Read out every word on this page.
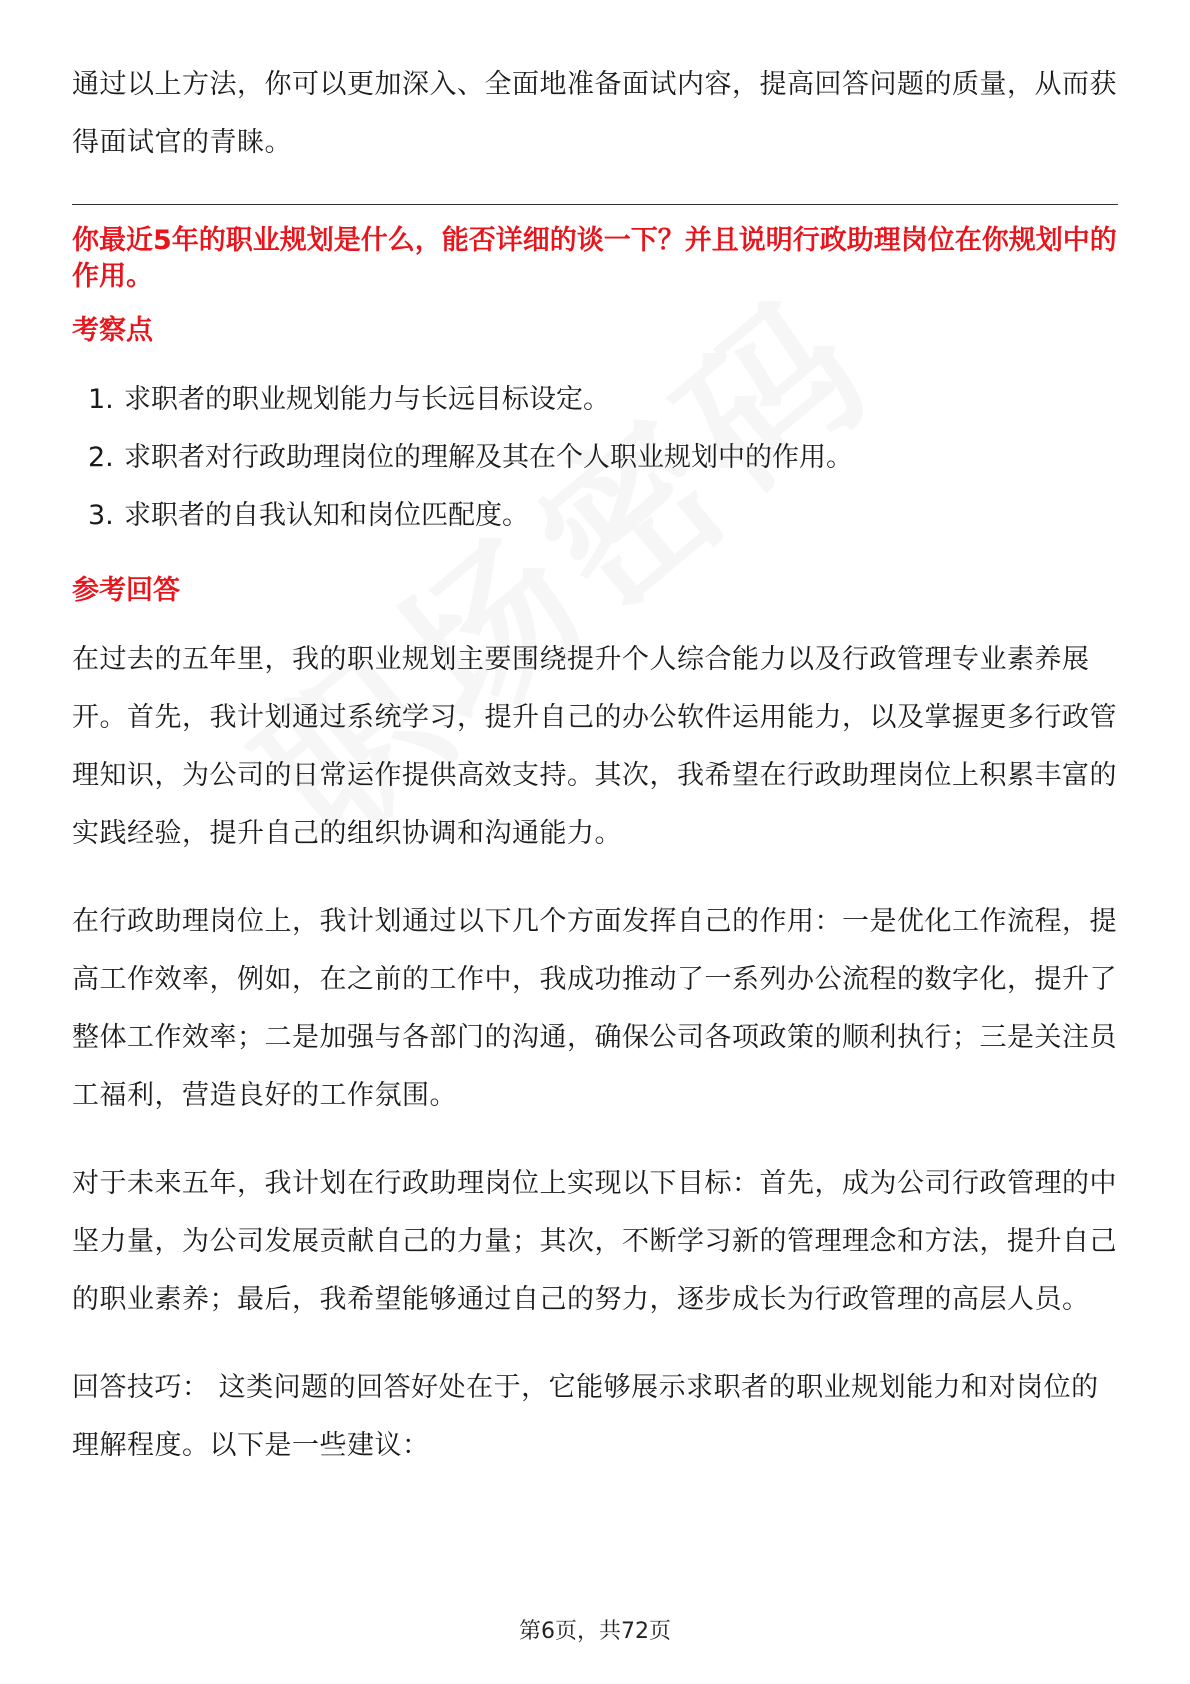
通过以上方法，你可以更加深入、全面地准备面试内容，提高回答问题的质量，从而获得面试官的青睐。

你最近5年的职业规划是什么，能否详细的谈一下？并且说明行政助理岗位在你规划中的作用。

考察点

1. 求职者的职业规划能力与长远目标设定。
2. 求职者对行政助理岗位的理解及其在个人职业规划中的作用。
3. 求职者的自我认知和岗位匹配度。

参考回答

在过去的五年里，我的职业规划主要围绕提升个人综合能力以及行政管理专业素养展开。首先，我计划通过系统学习，提升自己的办公软件运用能力，以及掌握更多行政管理知识，为公司的日常运作提供高效支持。其次，我希望在行政助理岗位上积累丰富的实践经验，提升自己的组织协调和沟通能力。

在行政助理岗位上，我计划通过以下几个方面发挥自己的作用：一是优化工作流程，提高工作效率，例如，在之前的工作中，我成功推动了一系列办公流程的数字化，提升了整体工作效率；二是加强与各部门的沟通，确保公司各项政策的顺利执行；三是关注员工福利，营造良好的工作氛围。

对于未来五年，我计划在行政助理岗位上实现以下目标：首先，成为公司行政管理的中坚力量，为公司发展贡献自己的力量；其次，不断学习新的管理理念和方法，提升自己的职业素养；最后，我希望能够通过自己的努力，逐步成长为行政管理的高层人员。

回答技巧： 这类问题的回答好处在于，它能够展示求职者的职业规划能力和对岗位的理解程度。以下是一些建议：

第6页，共72页
